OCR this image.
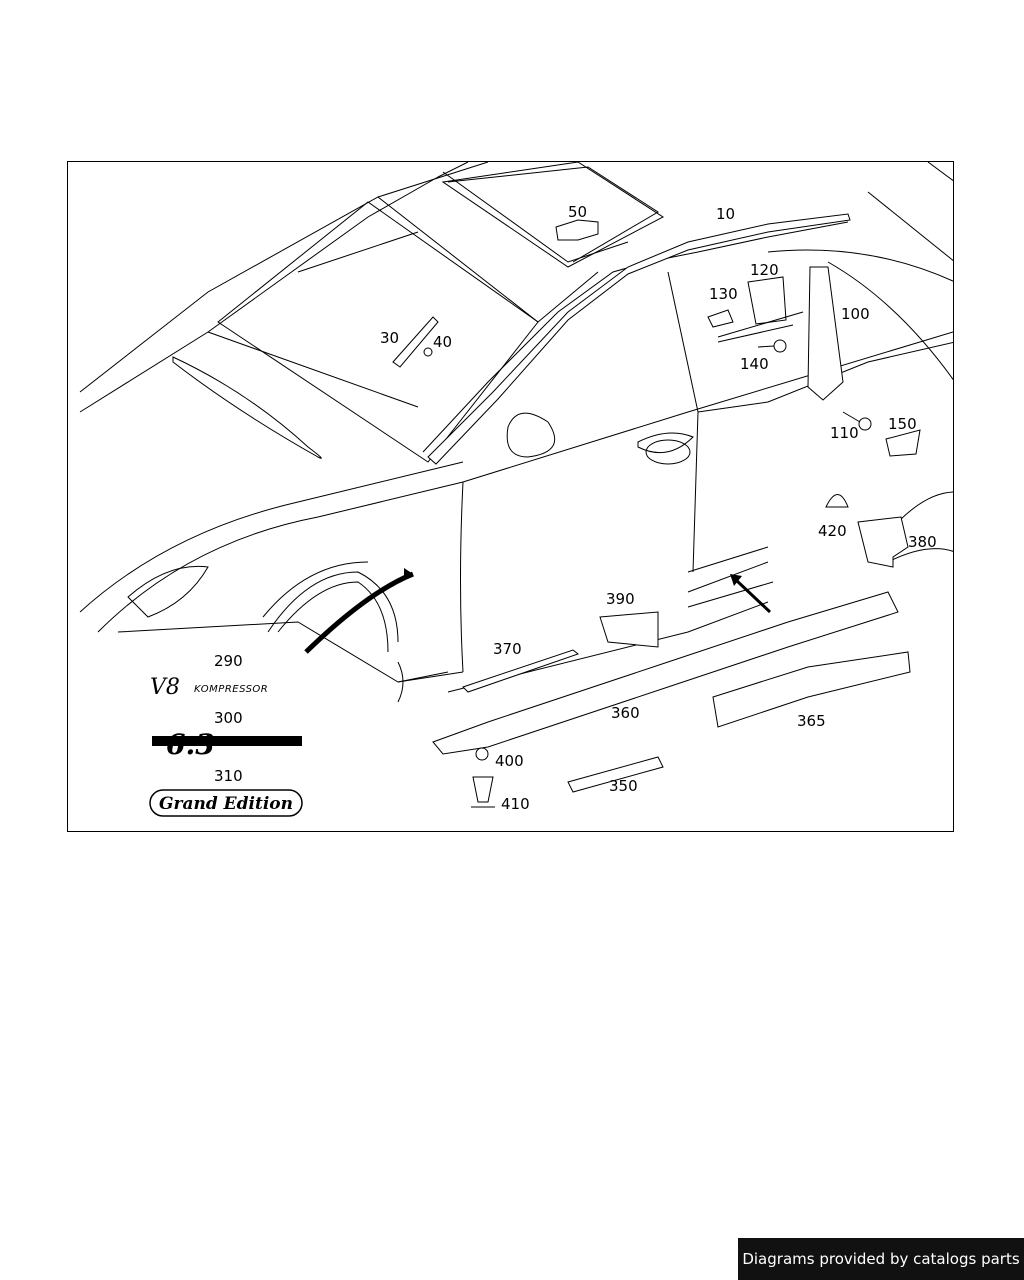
10
30 40
50
100
110
120
130
140
150
290
300
310
350
360	365
370
380
390
400
410
420
V8 KOMPRESSOR
6.3
Grand Edition
Diagrams provided by catalogs parts
